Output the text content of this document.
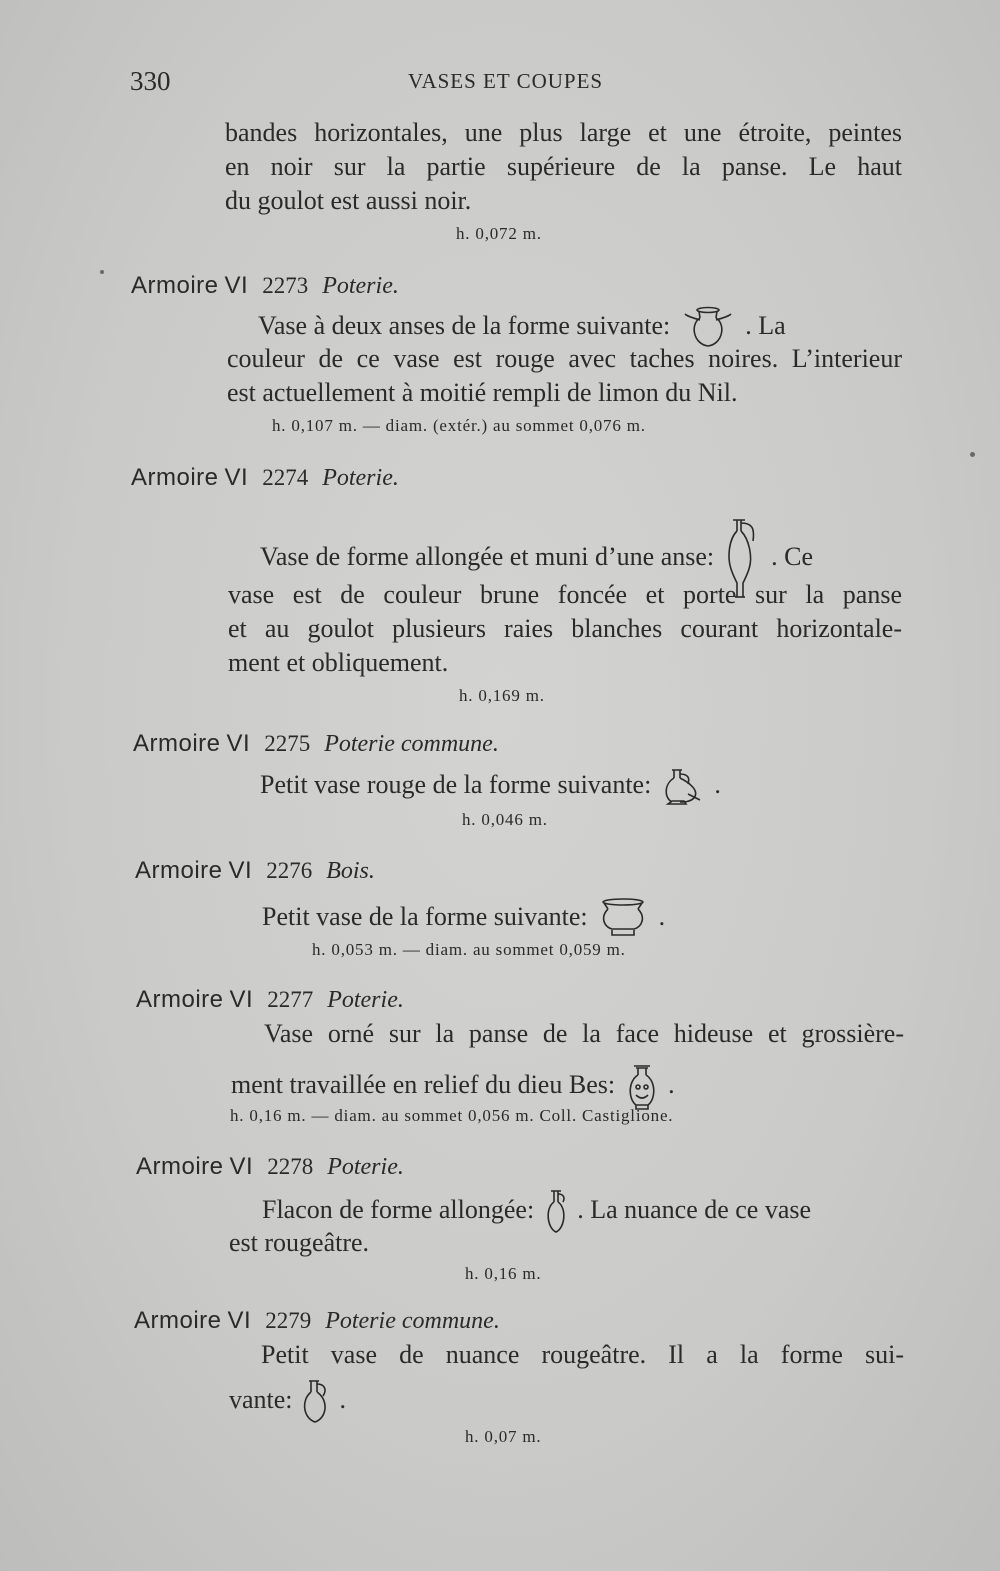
330	VASES ET COUPES
bandes horizontales, une plus large et une étroite, peintes
en noir sur la partie supérieure de la panse. Le haut
du goulot est aussi noir.
h. 0,072 m.
Armoire VI 2273 Poterie.
Vase à deux anses de la forme suivante:	. La
couleur de ce vase est rouge avec taches noires. L’interieur
est actuellement à moitié rempli de limon du Nil.
h. 0,107 m. — diam. (extér.) au sommet 0,076 m.
Armoire VI 2274 Poterie.
Vase de forme allongée et muni d’une anse: . Ce
vase est de couleur brune foncée et porte sur la panse
et au goulot plusieurs raies blanches courant horizontale-
ment et obliquement.
h. 0,169 m.
Armoire VI 2275 Poterie commune.
Petit vase rouge de la forme suivante: .
h. 0,046 m.
Armoire VI 2276 Bois.
Petit vase de la forme suivante:	.
h. 0,053 m. — diam. au sommet 0,059 m.
Armoire VI 2277 Poterie.
Vase orné sur la panse de la face hideuse et grossière-
ment travaillée en relief du dieu Bes: .
h. 0,16 m. — diam. au sommet 0,056 m. Coll. Castiglione.
Armoire VI 2278 Poterie.
Flacon de forme allongée: . La nuance de ce vase
est rougeâtre.
h. 0,16 m.
Armoire VI 2279 Poterie commune.
Petit vase de nuance rougeâtre. Il a la forme sui-
vante: .
h. 0,07 m.
